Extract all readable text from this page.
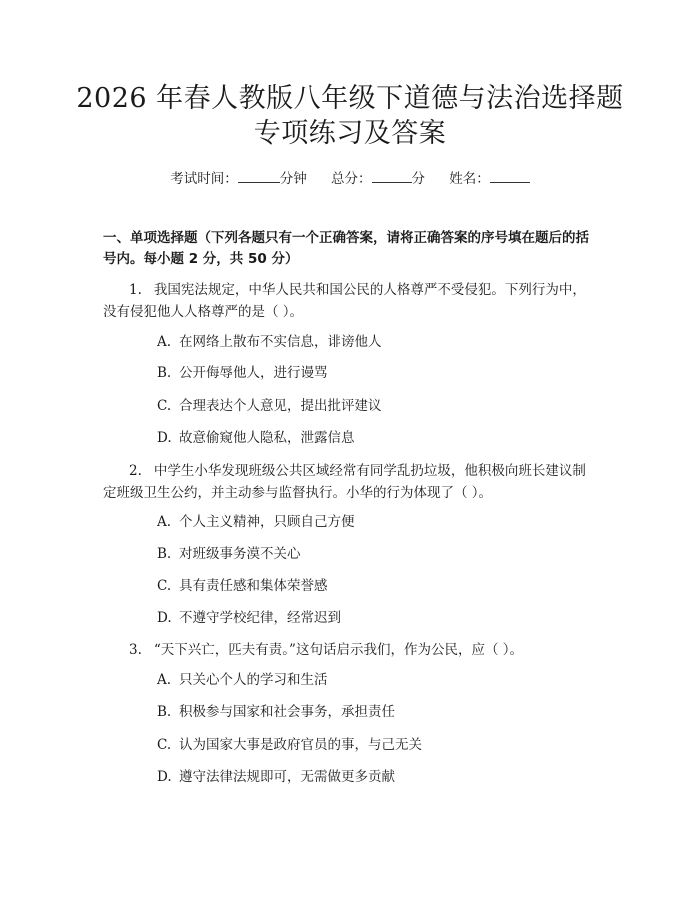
2026 年春人教版八年级下道德与法治选择题
专项练习及答案
考试时间：	分钟 总分：	分 姓名：
一、单项选择题（下列各题只有一个正确答案，请将正确答案的序号填在题后的括号内。每小题 2 分，共 50 分）
1. 我国宪法规定，中华人民共和国公民的人格尊严不受侵犯。下列行为中，没有侵犯他人人格尊严的是（ ）。
A. 在网络上散布不实信息，诽谤他人
B. 公开侮辱他人，进行谩骂
C. 合理表达个人意见，提出批评建议
D. 故意偷窥他人隐私，泄露信息
2. 中学生小华发现班级公共区域经常有同学乱扔垃圾，他积极向班长建议制定班级卫生公约，并主动参与监督执行。小华的行为体现了（ ）。
A. 个人主义精神，只顾自己方便
B. 对班级事务漠不关心
C. 具有责任感和集体荣誉感
D. 不遵守学校纪律，经常迟到
3. “天下兴亡，匹夫有责。”这句话启示我们，作为公民，应（ ）。
A. 只关心个人的学习和生活
B. 积极参与国家和社会事务，承担责任
C. 认为国家大事是政府官员的事，与己无关
D. 遵守法律法规即可，无需做更多贡献
